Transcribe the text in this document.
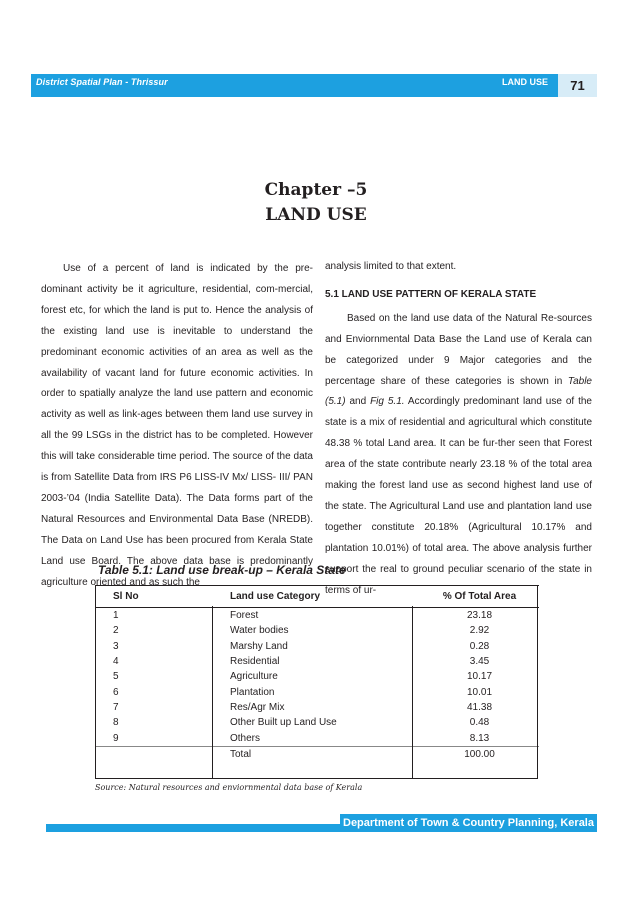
District Spatial Plan - Thrissur	LAND USE	71
Chapter –5
LAND USE

Use of a percent of land is indicated by the pre-dominant activity be it agriculture, residential, com-mercial, forest etc, for which the land is put to. Hence the analysis of the existing land use is inevitable to understand the predominant economic activities of an area as well as the availability of vacant land for future economic activities. In order to spatially analyze the land use pattern and economic activity as well as link-ages between them land use survey in all the 99 LSGs in the district has to be completed. However this will take considerable time period. The source of the data is from Satellite Data from IRS P6 LISS-IV Mx/ LISS- III/ PAN 2003-’04 (India Satellite Data). The Data forms part of the Natural Resources and Environmental Data Base (NREDB). The Data on Land Use has been procured from Kerala State Land use Board. The above data base is predominantly agriculture oriented and as such the

analysis limited to that extent.

5.1 LAND USE PATTERN OF KERALA STATE

Based on the land use data of the Natural Re-sources and Enviornmental Data Base the Land use of Kerala can be categorized under 9 Major categories and the percentage share of these categories is shown in Table (5.1) and Fig 5.1. Accordingly predominant land use of the state is a mix of residential and agricultural which constitute 48.38 % total Land area. It can be fur-ther seen that Forest area of the state contribute nearly 23.18 % of the total area making the forest land use as second highest land use of the state. The Agricultural Land use and plantation land use together constitute 20.18% (Agricultural 10.17% and plantation 10.01%) of total area. The above analysis further support the real to ground peculiar scenario of the state in terms of ur-

Table 5.1: Land use break-up – Kerala State
Sl No	Land use Category	% Of Total Area
1	Forest	23.18
2	Water bodies	2.92
3	Marshy Land	0.28
4	Residential	3.45
5	Agriculture	10.17
6	Plantation	10.01
7	Res/Agr Mix	41.38
8	Other Built up Land Use	0.48
9	Others	8.13
	Total	100.00
Source: Natural resources and enviornmental data base of Kerala
Department of Town & Country Planning, Kerala
